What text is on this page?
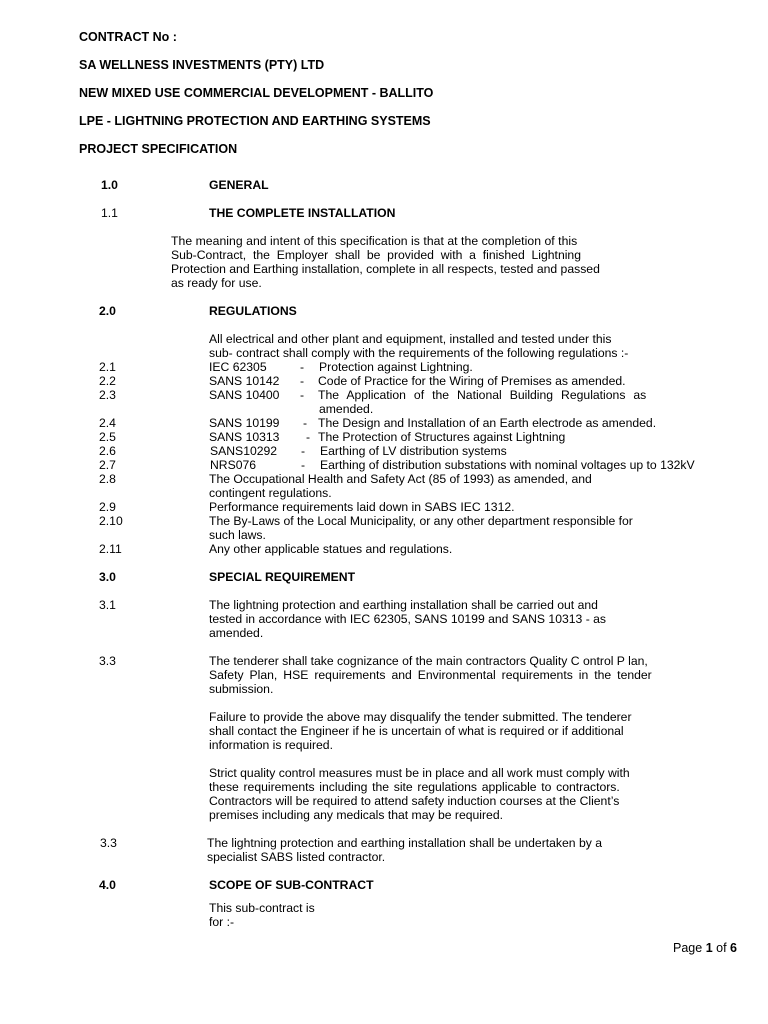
CONTRACT No :
SA WELLNESS INVESTMENTS (PTY) LTD
NEW MIXED USE COMMERCIAL DEVELOPMENT - BALLITO
LPE - LIGHTNING PROTECTION AND EARTHING SYSTEMS
PROJECT SPECIFICATION
1.0	GENERAL
1.1	THE COMPLETE INSTALLATION
The meaning and intent of this specification is that at the completion of this
Sub-Contract, the Employer shall be provided with a finished Lightning
Protection and Earthing installation, complete in all respects, tested and passed
as ready for use.
2.0	REGULATIONS
All electrical and other plant and equipment, installed and tested under this
sub- contract shall comply with the requirements of the following regulations :-
2.1	IEC 62305	- Protection against Lightning.
2.2	SANS 10142 - Code of Practice for the Wiring of Premises as amended.
2.3	SANS 10400 - The Application of the National Building Regulations as
amended.
2.4	SANS 10199 - The Design and Installation of an Earth electrode as amended.
2.5	SANS 10313 - The Protection of Structures against Lightning
2.6	SANS10292 - Earthing of LV distribution systems
2.7	NRS076	- Earthing of distribution substations with nominal voltages up to 132kV
2.8	The Occupational Health and Safety Act (85 of 1993) as amended, and
contingent regulations.
2.9	Performance requirements laid down in SABS IEC 1312.
2.10	The By-Laws of the Local Municipality, or any other department responsible for
such laws.
2.11	Any other applicable statues and regulations.
3.0	SPECIAL REQUIREMENT
3.1	The lightning protection and earthing installation shall be carried out and
tested in accordance with IEC 62305, SANS 10199 and SANS 10313 - as
amended.
3.3	The tenderer shall take cognizance of the main contractors Quality C ontrol P lan,
Safety Plan, HSE requirements and Environmental requirements in the tender
submission.
Failure to provide the above may disqualify the tender submitted. The tenderer
shall contact the Engineer if he is uncertain of what is required or if additional
information is required.
Strict quality control measures must be in place and all work must comply with
these requirements including the site regulations applicable to contractors.
Contractors will be required to attend safety induction courses at the Client’s
premises including any medicals that may be required.
3.3	The lightning protection and earthing installation shall be undertaken by a
specialist SABS listed contractor.
4.0	SCOPE OF SUB-CONTRACT
This sub-contract is
for :-
Page 1 of 6
